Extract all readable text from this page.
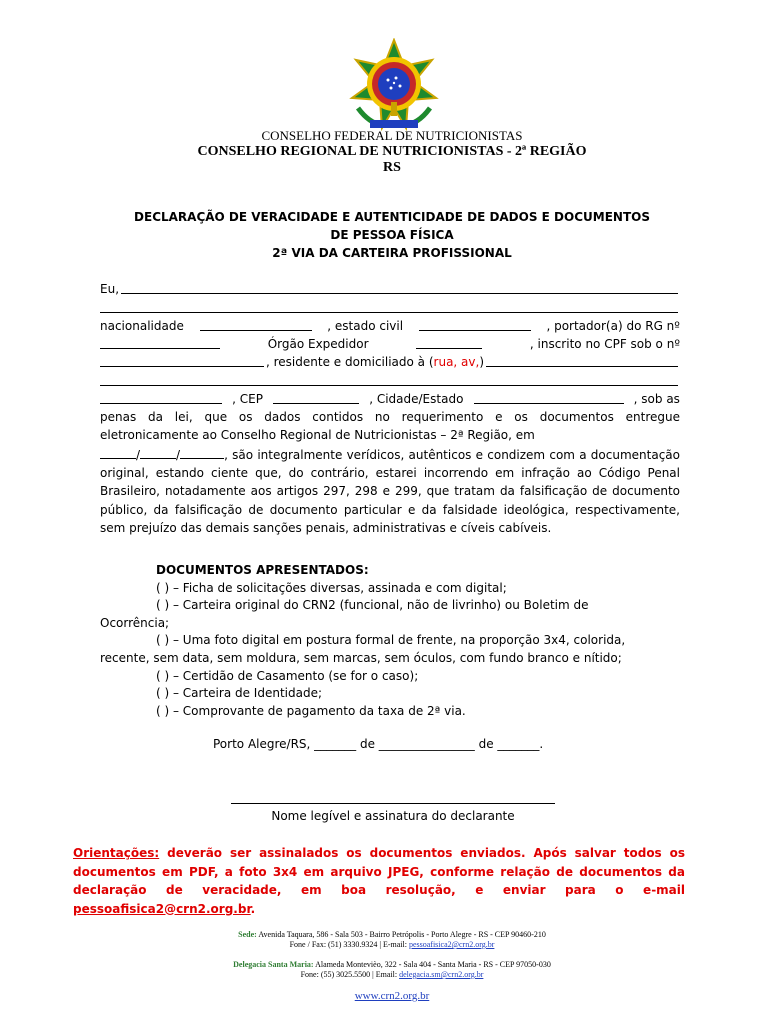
CONSELHO FEDERAL DE NUTRICIONISTAS
CONSELHO REGIONAL DE NUTRICIONISTAS - 2ª REGIÃO
RS
DECLARAÇÃO DE VERACIDADE E AUTENTICIDADE DE DADOS E DOCUMENTOS
DE PESSOA FÍSICA
2ª VIA DA CARTEIRA PROFISSIONAL
Eu,
nacionalidade	, estado civil	, portador(a) do RG nº
Órgão Expedidor	, inscrito no CPF sob o nº
, residente e domiciliado à (rua, av,)
, CEP	, Cidade/Estado	, sob as
penas da lei, que os dados contidos no requerimento e os documentos entregue eletronicamente ao Conselho Regional de Nutricionistas – 2ª Região, em
/	/	, são integralmente verídicos, autênticos e condizem com a documentação original, estando ciente que, do contrário, estarei incorrendo em infração ao Código Penal Brasileiro, notadamente aos artigos 297, 298 e 299, que tratam da falsificação de documento público, da falsificação de documento particular e da falsidade ideológica, respectivamente, sem prejuízo das demais sanções penais, administrativas e cíveis cabíveis.
DOCUMENTOS APRESENTADOS:
( ) – Ficha de solicitações diversas, assinada e com digital;
( ) – Carteira original do CRN2 (funcional, não de livrinho) ou Boletim de
Ocorrência;
( ) – Uma foto digital em postura formal de frente, na proporção 3x4, colorida,
recente, sem data, sem moldura, sem marcas, sem óculos, com fundo branco e nítido;
( ) – Certidão de Casamento (se for o caso);
( ) – Carteira de Identidade;
( ) – Comprovante de pagamento da taxa de 2ª via.
Porto Alegre/RS, _______ de ________________ de _______.
Nome legível e assinatura do declarante
Orientações: deverão ser assinalados os documentos enviados. Após salvar todos os documentos em PDF, a foto 3x4 em arquivo JPEG, conforme relação de documentos da declaração de veracidade, em boa resolução, e enviar para o e-mail pessoafisica2@crn2.org.br.
Sede: Avenida Taquara, 586 - Sala 503 - Bairro Petrópolis - Porto Alegre - RS - CEP 90460-210
Fone / Fax: (51) 3330.9324 | E-mail: pessoafisica2@crn2.org.br
Delegacia Santa Maria: Alameda Montevièo, 322 - Sala 404 - Santa Maria - RS - CEP 97050-030
Fone: (55) 3025.5500 | Email: delegacia.sm@crn2.org.br
www.crn2.org.br
